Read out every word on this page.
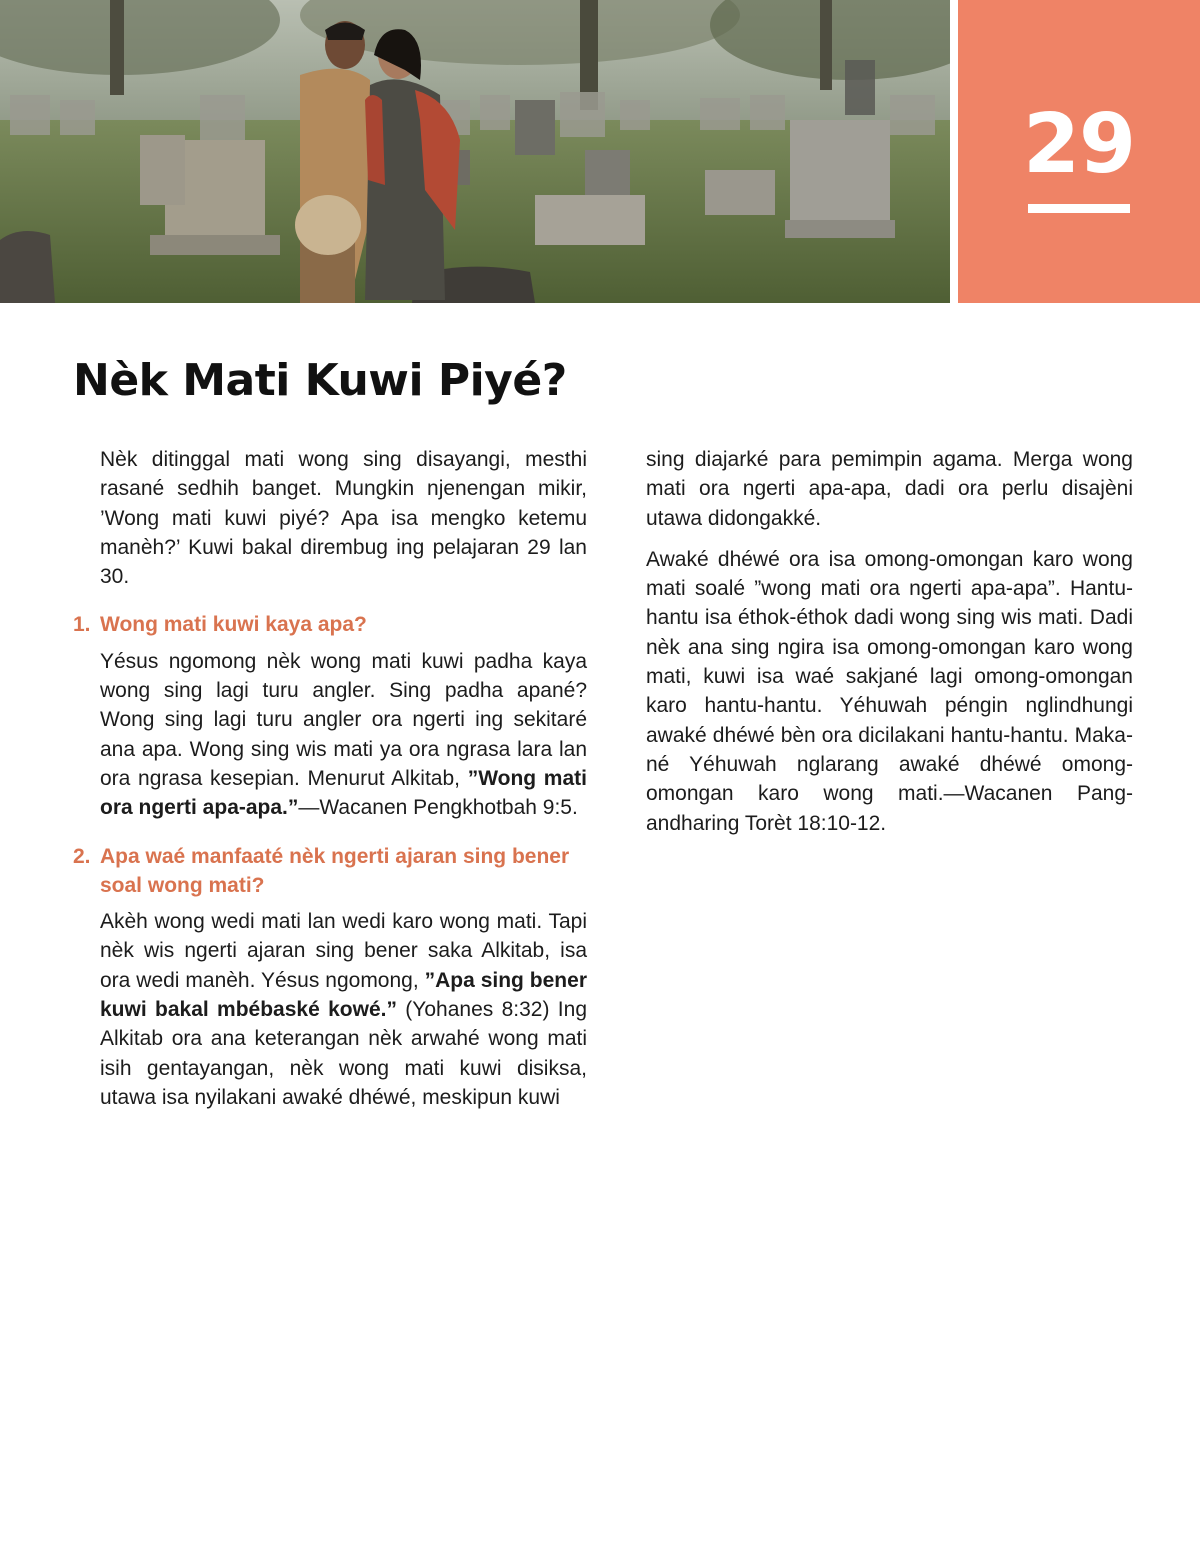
29
Nèk Mati Kuwi Piyé?

Nèk ditinggal mati wong sing disayangi, mesthi rasané sedhih banget. Mungkin njenengan mikir, ’Wong mati kuwi piyé? Apa isa mengko ketemu manèh?’ Kuwi bakal dirembug ing pelajaran 29 lan 30.

1. Wong mati kuwi kaya apa?

Yésus ngomong nèk wong mati kuwi padha kaya wong sing lagi turu angler. Sing padha apané? Wong sing lagi turu angler ora ngerti ing sekitaré ana apa. Wong sing wis mati ya ora ngrasa lara lan ora ngrasa kesepian. Menurut Alkitab, ”Wong mati ora ngerti apa-apa.”—Wacanen Pengkhotbah 9:5.

2. Apa waé manfaaté nèk ngerti ajaran sing bener soal wong mati?

Akèh wong wedi mati lan wedi karo wong mati. Tapi nèk wis ngerti ajaran sing bener saka Alkitab, isa ora wedi manèh. Yésus ngomong, ”Apa sing bener kuwi bakal mbébaské kowé.” (Yohanes 8:32) Ing Alkitab ora ana keterangan nèk arwahé wong mati isih gentayangan, nèk wong mati kuwi disiksa, utawa isa nyilakani awaké dhéwé, meskipun kuwi

sing diajarké para pemimpin agama. Merga wong mati ora ngerti apa-apa, dadi ora perlu disajèni utawa didongakké.

Awaké dhéwé ora isa omong-omongan karo wong mati soalé ”wong mati ora ngerti apa-apa”. Hantu-hantu isa éthok-éthok dadi wong sing wis mati. Dadi nèk ana sing ngira isa omong-omongan karo wong mati, kuwi isa waé sakjané lagi omong-omongan karo hantu-hantu. Yéhuwah péngin nglindhungi awaké dhéwé bèn ora dicilakani hantu-hantu. Makané Yéhuwah nglarang awaké dhéwé omong-omongan karo wong mati.—Wacanen Pangandharing Torèt 18:10-12.
